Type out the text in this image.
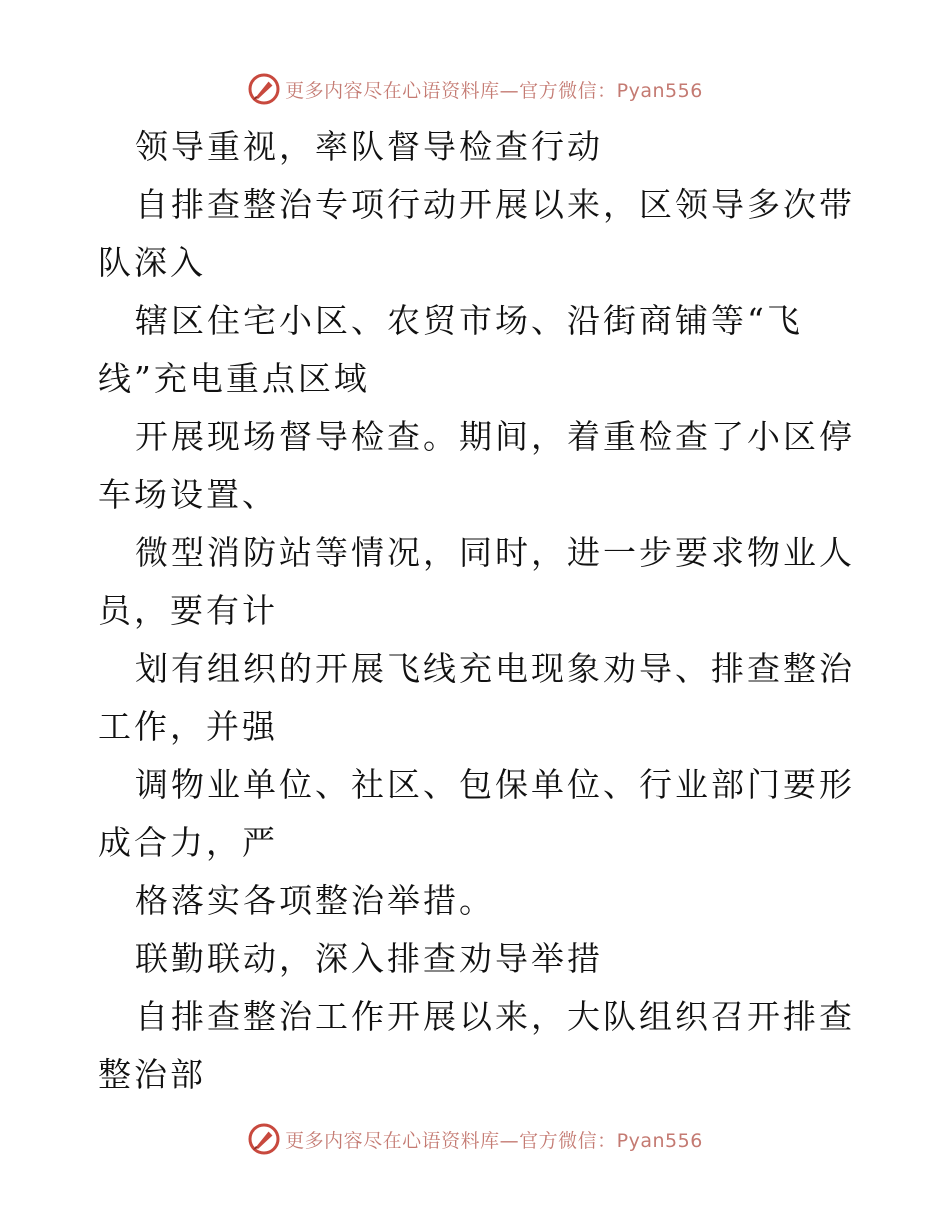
更多内容尽在心语资料库—官方微信：Pyan556

领导重视，率队督导检查行动

自排查整治专项行动开展以来，区领导多次带队深入

辖区住宅小区、农贸市场、沿街商铺等“飞线”充电重点区域

开展现场督导检查。期间，着重检查了小区停车场设置、

微型消防站等情况，同时，进一步要求物业人员，要有计

划有组织的开展飞线充电现象劝导、排查整治工作，并强

调物业单位、社区、包保单位、行业部门要形成合力，严

格落实各项整治举措。

联勤联动，深入排查劝导举措

自排查整治工作开展以来，大队组织召开排查整治部

更多内容尽在心语资料库—官方微信：Pyan556
